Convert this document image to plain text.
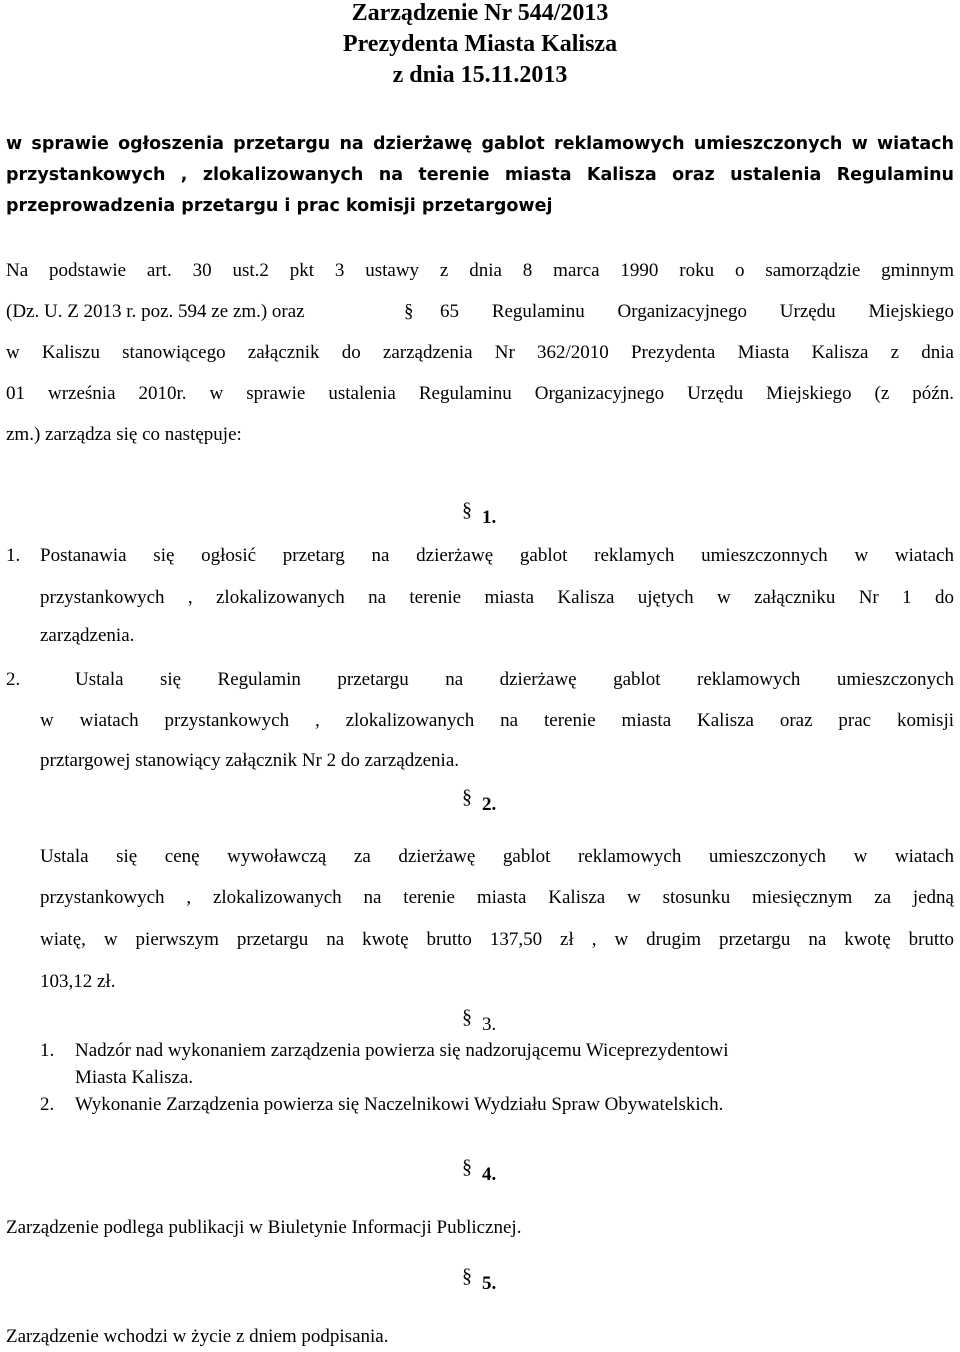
Zarządzenie Nr 544/2013
Prezydenta Miasta Kalisza
z dnia 15.11.2013
w sprawie ogłoszenia przetargu na dzierżawę gablot reklamowych umieszczonych w wiatach
przystankowych , zlokalizowanych na terenie miasta Kalisza oraz ustalenia Regulaminu
przeprowadzenia przetargu i prac komisji przetargowej
Na podstawie art. 30 ust.2 pkt 3 ustawy z dnia 8 marca 1990 roku o samorządzie gminnym
(Dz. U. Z 2013 r. poz. 594 ze zm.) oraz	§ 65 Regulaminu Organizacyjnego Urzędu Miejskiego
w Kaliszu stanowiącego załącznik do zarządzenia Nr 362/2010 Prezydenta Miasta Kalisza z dnia
01 września 2010r. w sprawie ustalenia Regulaminu Organizacyjnego Urzędu Miejskiego (z późn.
zm.) zarządza się co następuje:
§ 1.
1. Postanawia się ogłosić przetarg na dzierżawę gablot reklamych umieszczonnych w wiatach
przystankowych , zlokalizowanych na terenie miasta Kalisza ujętych w załączniku Nr 1 do
zarządzenia.
2.	Ustala się Regulamin przetargu na dzierżawę gablot reklamowych umieszczonych
w wiatach przystankowych , zlokalizowanych na terenie miasta Kalisza oraz prac komisji
prztargowej stanowiący załącznik Nr 2 do zarządzenia.
§ 2.
Ustala się cenę wywoławczą za dzierżawę gablot reklamowych umieszczonych w wiatach
przystankowych , zlokalizowanych na terenie miasta Kalisza w stosunku miesięcznym za jedną
wiatę, w pierwszym przetargu na kwotę brutto 137,50 zł , w drugim przetargu na kwotę brutto
103,12 zł.
§ 3.
1. Nadzór nad wykonaniem zarządzenia powierza się nadzorującemu Wiceprezydentowi
Miasta Kalisza.
2. Wykonanie Zarządzenia powierza się Naczelnikowi Wydziału Spraw Obywatelskich.
§ 4.
Zarządzenie podlega publikacji w Biuletynie Informacji Publicznej.
§ 5.
Zarządzenie wchodzi w życie z dniem podpisania.
